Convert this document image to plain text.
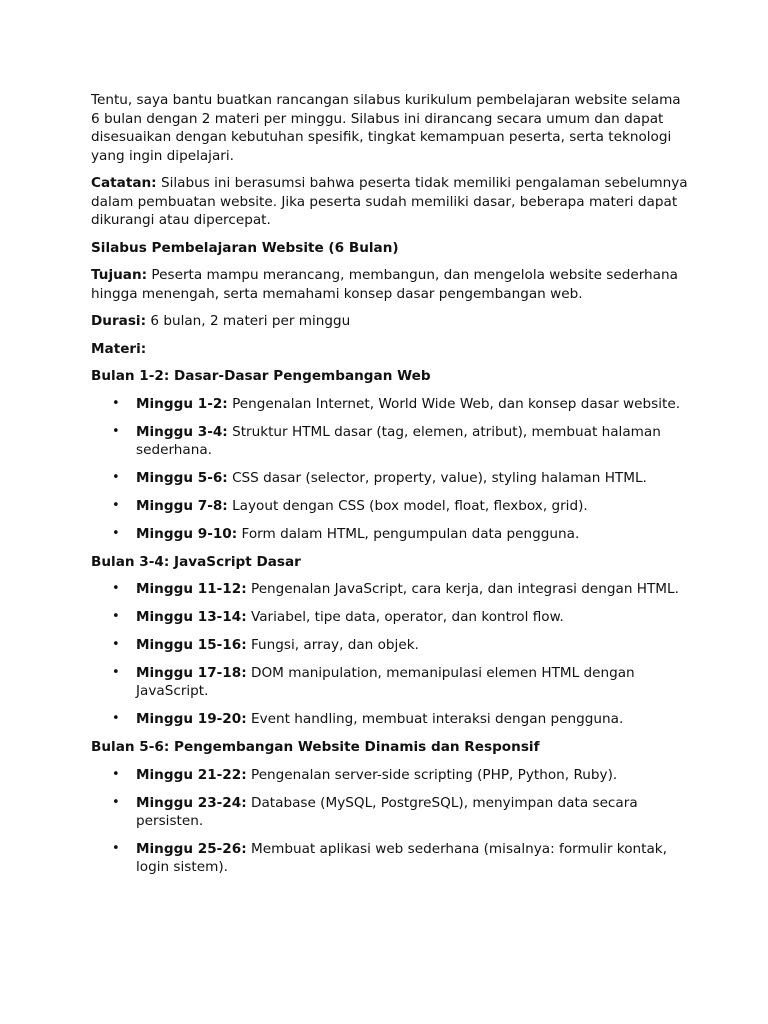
Tentu, saya bantu buatkan rancangan silabus kurikulum pembelajaran website selama 6 bulan dengan 2 materi per minggu. Silabus ini dirancang secara umum dan dapat disesuaikan dengan kebutuhan spesifik, tingkat kemampuan peserta, serta teknologi yang ingin dipelajari.

Catatan: Silabus ini berasumsi bahwa peserta tidak memiliki pengalaman sebelumnya dalam pembuatan website. Jika peserta sudah memiliki dasar, beberapa materi dapat dikurangi atau dipercepat.

Silabus Pembelajaran Website (6 Bulan)

Tujuan: Peserta mampu merancang, membangun, dan mengelola website sederhana hingga menengah, serta memahami konsep dasar pengembangan web.

Durasi: 6 bulan, 2 materi per minggu

Materi:

Bulan 1-2: Dasar-Dasar Pengembangan Web

• Minggu 1-2: Pengenalan Internet, World Wide Web, dan konsep dasar website.
• Minggu 3-4: Struktur HTML dasar (tag, elemen, atribut), membuat halaman sederhana.
• Minggu 5-6: CSS dasar (selector, property, value), styling halaman HTML.
• Minggu 7-8: Layout dengan CSS (box model, float, flexbox, grid).
• Minggu 9-10: Form dalam HTML, pengumpulan data pengguna.

Bulan 3-4: JavaScript Dasar

• Minggu 11-12: Pengenalan JavaScript, cara kerja, dan integrasi dengan HTML.
• Minggu 13-14: Variabel, tipe data, operator, dan kontrol flow.
• Minggu 15-16: Fungsi, array, dan objek.
• Minggu 17-18: DOM manipulation, memanipulasi elemen HTML dengan JavaScript.
• Minggu 19-20: Event handling, membuat interaksi dengan pengguna.

Bulan 5-6: Pengembangan Website Dinamis dan Responsif

• Minggu 21-22: Pengenalan server-side scripting (PHP, Python, Ruby).
• Minggu 23-24: Database (MySQL, PostgreSQL), menyimpan data secara persisten.
• Minggu 25-26: Membuat aplikasi web sederhana (misalnya: formulir kontak, login sistem).
